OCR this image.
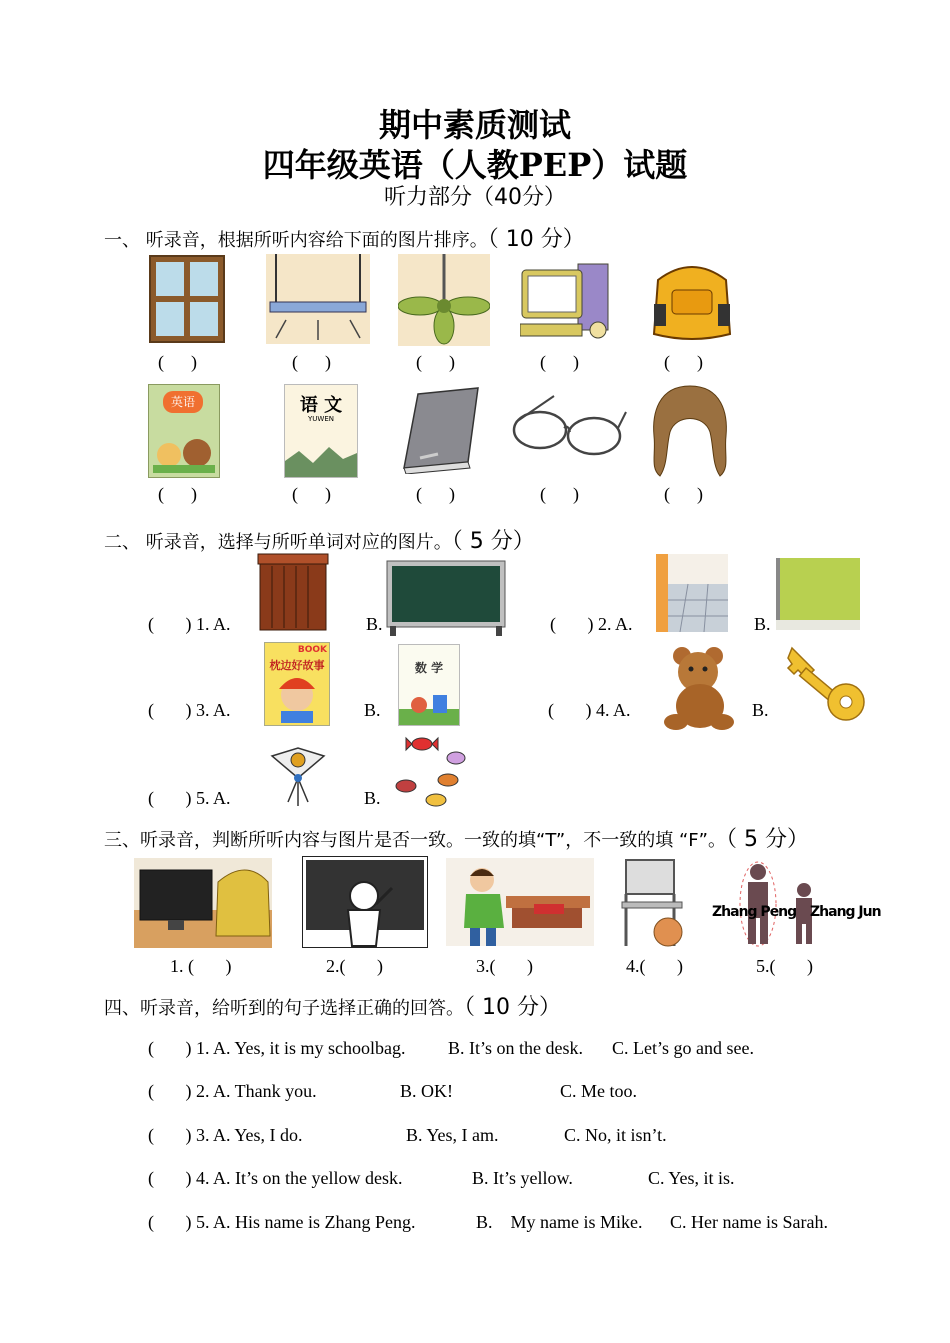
期中素质测试
四年级英语（人教PEP）试题
听力部分（40分）
一、 听录音，根据所听内容给下面的图片排序。（ 10 分）
(      )	(      )	(      )	(      )	(      )
英语	语 文
YUWEN
(      )	(      )	(      )	(      )	(      )
二、 听录音，选择与所听单词对应的图片。（ 5 分）
(       ) 1. A.	B.	(       ) 2. A.	B.
(       ) 3. A.
BOOK
枕边好故事
B.
数 学
(       ) 4. A.	B.
(       ) 5. A.	B.
三、听录音，判断所听内容与图片是否一致。一致的填“T”，不一致的填 “F”。（ 5 分）
Zhang Peng Zhang Jun
1. (       )	2.(       )	3.(       )	4.(       )	5.(       )
四、听录音，给听到的句子选择正确的回答。（ 10 分）
(       ) 1. A. Yes, it is my schoolbag. B. It’s on the desk. C. Let’s go and see.
(       ) 2. A. Thank you.	B. OK!	C. Me too.
(       ) 3. A. Yes, I do.	B. Yes, I am.	C. No, it isn’t.
(       ) 4. A. It’s on the yellow desk.	B. It’s yellow.	C. Yes, it is.
(       ) 5. A. His name is Zhang Peng.	B.    My name is Mike. C. Her name is Sarah.
